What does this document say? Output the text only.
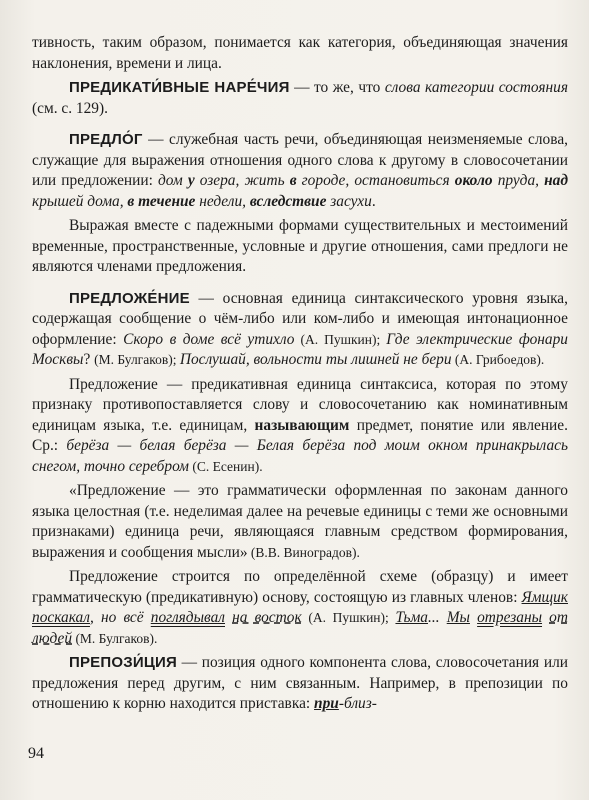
тивность, таким образом, понимается как категория, объединяющая значения наклонения, времени и лица.

ПРЕДИКАТИ́ВНЫЕ НАРЕ́ЧИЯ — то же, что слова категории состояния (см. с. 129).

ПРЕДЛО́Г — служебная часть речи, объединяющая неизменяемые слова, служащие для выражения отношения одного слова к другому в словосочетании или предложении: дом у озера, жить в городе, остановиться около пруда, над крышей дома, в течение недели, вследствие засухи.

Выражая вместе с падежными формами существительных и местоимений временные, пространственные, условные и другие отношения, сами предлоги не являются членами предложения.

ПРЕДЛОЖЕ́НИЕ — основная единица синтаксического уровня языка, содержащая сообщение о чём-либо или ком-либо и имеющая интонационное оформление: Скоро в доме всё утихло (А. Пушкин); Где электрические фонари Москвы? (М. Булгаков); Послушай, вольности ты лишней не бери (А. Грибоедов).

Предложение — предикативная единица синтаксиса, которая по этому признаку противопоставляется слову и словосочетанию как номинативным единицам языка, т.е. единицам, называющим предмет, понятие или явление. Ср.: берёза — белая берёза — Белая берёза под моим окном принакрылась снегом, точно серебром (С. Есенин).

«Предложение — это грамматически оформленная по законам данного языка целостная (т.е. неделимая далее на речевые единицы с теми же основными признаками) единица речи, являющаяся главным средством формирования, выражения и сообщения мысли» (В.В. Виноградов).

Предложение строится по определённой схеме (образцу) и имеет грамматическую (предикативную) основу, состоящую из главных членов: Ямщик поскакал, но всё поглядывал на восток (А. Пушкин); Тьма... Мы отрезаны от людей (М. Булгаков).

ПРЕПОЗИ́ЦИЯ — позиция одного компонента слова, словосочетания или предложения перед другим, с ним связанным. Например, в препозиции по отношению к корню находится приставка: при-близ-

94
